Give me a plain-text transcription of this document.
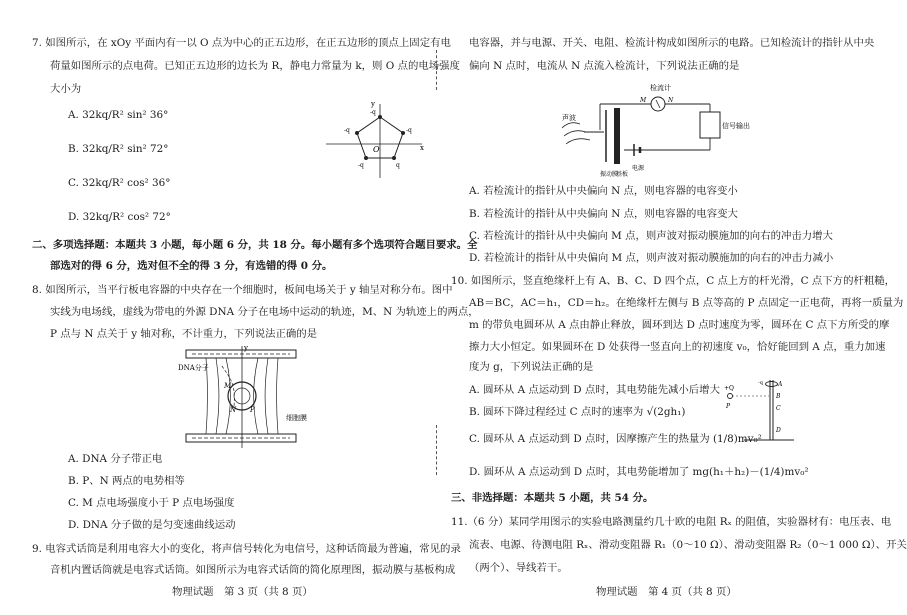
7. 如图所示，在 xOy 平面内有一以 O 点为中心的正五边形，在正五边形的顶点上固定有电
荷量如图所示的点电荷。已知正五边形的边长为 R，静电力常量为 k，则 O 点的电场强度
大小为
A. 32kq/R² sin² 36°
B. 32kq/R² sin² 72°
C. 32kq/R² cos² 36°
D. 32kq/R² cos² 72°
y
x
O
-q
-q
q
-q
-q
二、多项选择题：本题共 3 小题，每小题 6 分，共 18 分。每小题有多个选项符合题目要求。全
部选对的得 6 分，选对但不全的得 3 分，有选错的得 0 分。
8. 如图所示，当平行板电容器的中央存在一个细胞时，板间电场关于 y 轴呈对称分布。图中
实线为电场线，虚线为带电的外源 DNA 分子在电场中运动的轨迹，M、N 为轨迹上的两点，
P 点与 N 点关于 y 轴对称，不计重力，下列说法正确的是
DNA分子
细胞膜
y
M
N P
A. DNA 分子带正电
B. P、N 两点的电势相等
C. M 点电场强度小于 P 点电场强度
D. DNA 分子做的是匀变速曲线运动
9. 电容式话筒是利用电容大小的变化，将声信号转化为电信号，这种话筒最为普遍，常见的录
音机内置话筒就是电容式话筒。如图所示为电容式话筒的简化原理图，振动膜与基板构成
物理试题　第 3 页（共 8 页）
电容器，并与电源、开关、电阻、检流计构成如图所示的电路。已知检流计的指针从中央
偏向 N 点时，电流从 N 点流入检流计，下列说法正确的是
检流计
M	N
声波
信号输出
振动膜
基板
电源
A. 若检流计的指针从中央偏向 N 点，则电容器的电容变小
B. 若检流计的指针从中央偏向 N 点，则电容器的电容变大
C. 若检流计的指针从中央偏向 M 点，则声波对振动膜施加的向右的冲击力增大
D. 若检流计的指针从中央偏向 M 点，则声波对振动膜施加的向右的冲击力减小
10. 如图所示，竖直绝缘杆上有 A、B、C、D 四个点，C 点上方的杆光滑，C 点下方的杆粗糙，
AB＝BC，AC＝h₁，CD＝h₂。在绝缘杆左侧与 B 点等高的 P 点固定一正电荷，再将一质量为
m 的带负电圆环从 A 点由静止释放，圆环到达 D 点时速度为零，圆环在 C 点下方所受的摩
擦力大小恒定。如果圆环在 D 处获得一竖直向上的初速度 v₀，恰好能回到 A 点，重力加速
度为 g，下列说法正确的是
A. 圆环从 A 点运动到 D 点时，其电势能先减小后增大
B. 圆环下降过程经过 C 点时的速率为 √(2gh₁)
C. 圆环从 A 点运动到 D 点时，因摩擦产生的热量为 (1/8)mv₀²
D. 圆环从 A 点运动到 D 点时，其电势能增加了 mg(h₁＋h₂)－(1/4)mv₀²
+Q
P
-q	A
B
C
D
三、非选择题：本题共 5 小题，共 54 分。
11.（6 分）某同学用图示的实验电路测量约几十欧的电阻 Rₓ 的阻值，实验器材有：电压表、电
流表、电源、待测电阻 Rₓ、滑动变阻器 R₁（0～10 Ω）、滑动变阻器 R₂（0～1 000 Ω）、开关
（两个）、导线若干。
物理试题　第 4 页（共 8 页）
